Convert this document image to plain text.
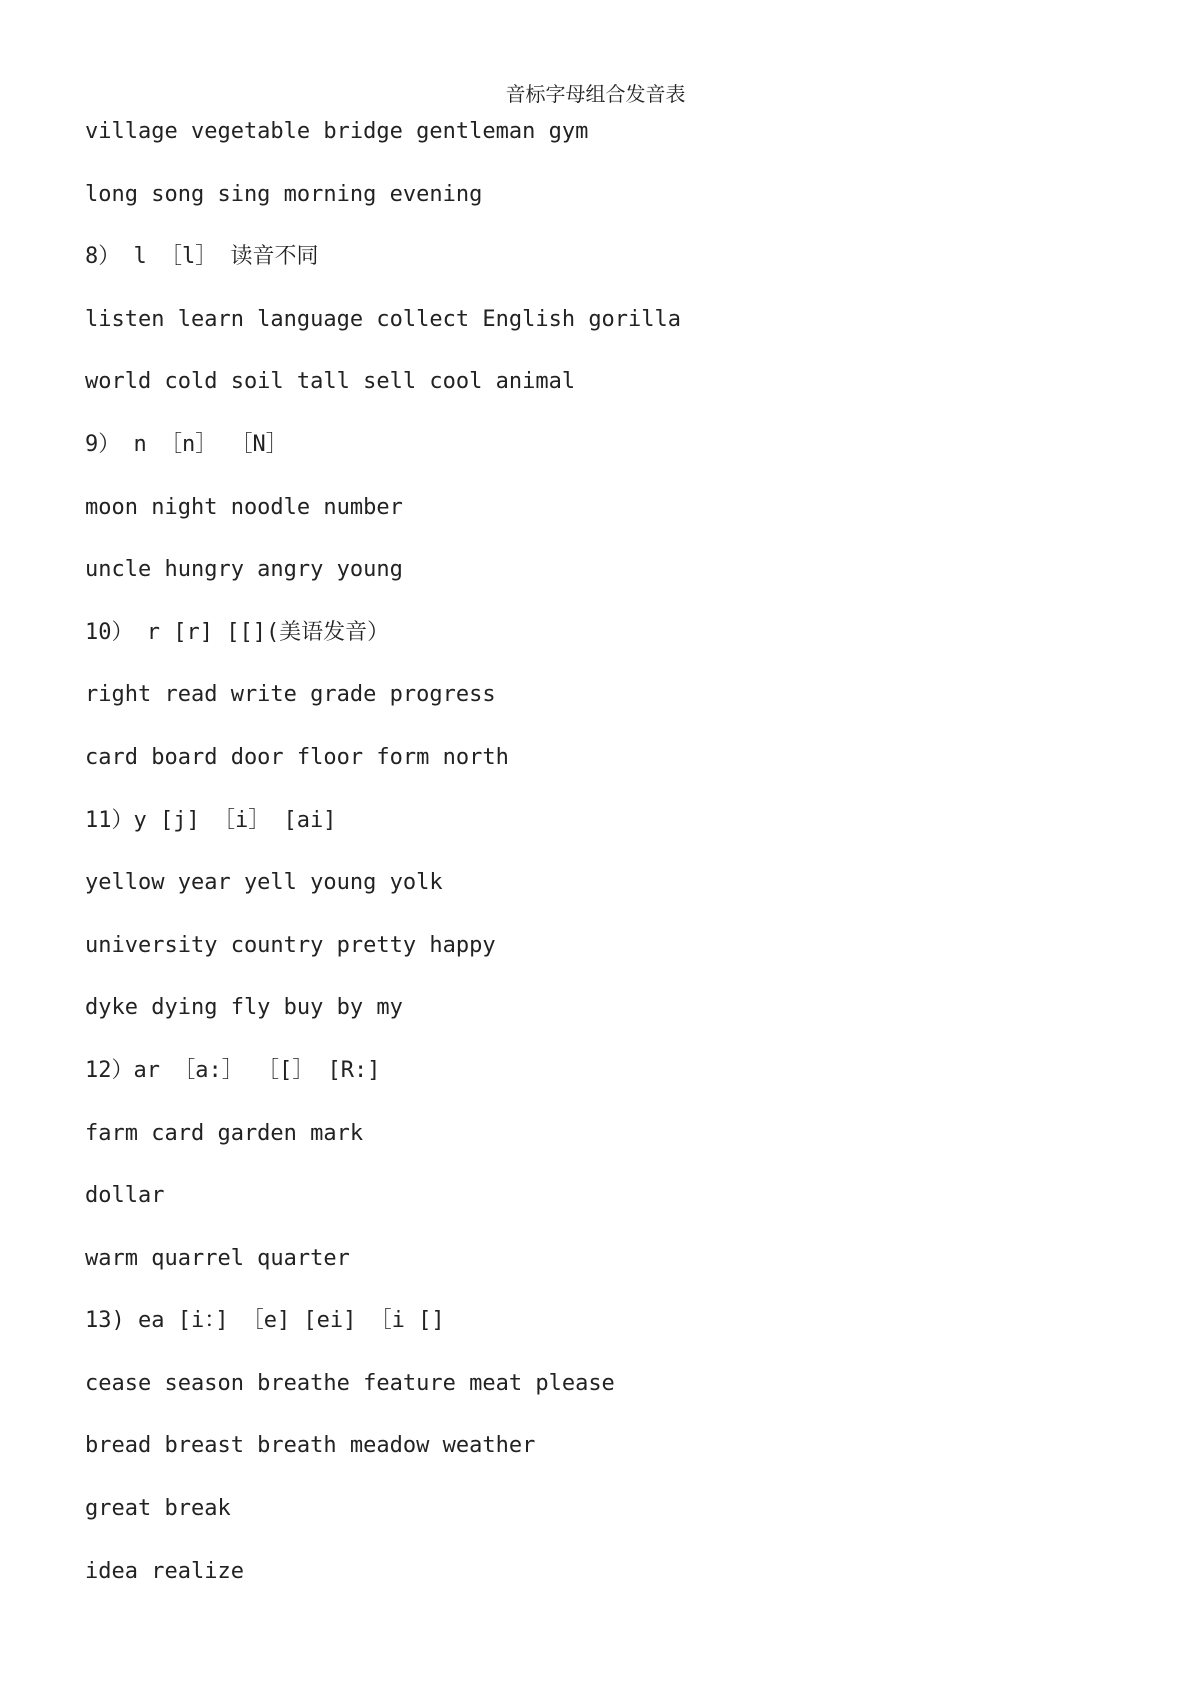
音标字母组合发音表
village vegetable bridge gentleman gym
long song sing morning evening
8） l ［l］ 读音不同
listen learn language collect English gorilla
world cold soil tall sell cool animal
9） n ［n］ ［N］
moon night noodle number
uncle hungry angry young
10） r [r] [[](美语发音）
right read write grade progress
card board door floor form north
11）y [j] ［i］ [ai]
yellow year yell young yolk
university country pretty happy
dyke dying fly buy by my
12）ar ［a:］ ［[］ [R:]
farm card garden mark
dollar
warm quarrel quarter
13) ea [i：] ［e] [ei] ［i []
cease season breathe feature meat please
bread breast breath meadow weather
great break
idea realize
